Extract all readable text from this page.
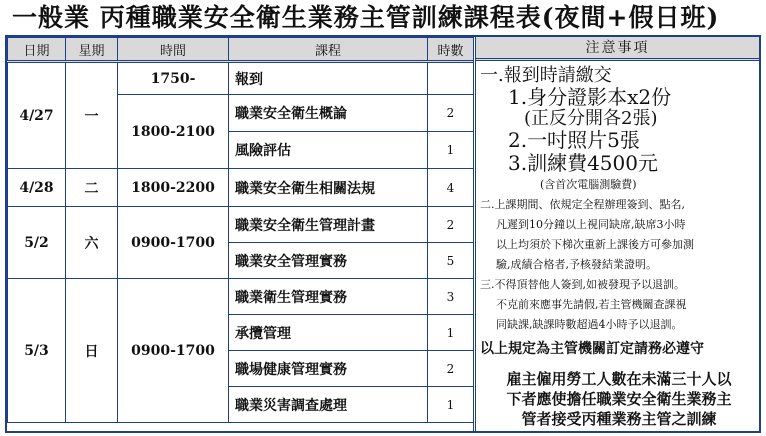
一般業 丙種職業安全衛生業務主管訓練課程表(夜間+假日班)
日期	星期	時間	課程	時數
4/27	一	1750-	報到	
		1800-2100	職業安全衛生概論	2
			風險評估	1
4/28	二	1800-2200	職業安全衛生相關法規	4
5/2	六	0900-1700	職業安全衛生管理計畫	2
			職業安全管理實務	5
5/3	日	0900-1700	職業衛生管理實務	3
			承攬管理	1
			職場健康管理實務	2
			職業災害調查處理	1
注意事項
一.報到時請繳交
1.身分證影本x2份
(正反分開各2張)
2.一吋照片5張
3.訓練費4500元
(含首次電腦測驗費)
二.上課期間、依規定全程辦理簽到、點名,
凡遲到10分鐘以上視同缺席,缺席3小時
以上均須於下梯次重新上課後方可參加測
驗,成績合格者,予核發結業證明。
三.不得頂替他人簽到,如被發現予以退訓。
不克前來應事先請假,若主管機關查課視
同缺課,缺課時數超過4小時予以退訓。
以上規定為主管機關訂定請務必遵守
雇主僱用勞工人數在未滿三十人以
下者應使擔任職業安全衛生業務主
管者接受丙種業務主管之訓練
